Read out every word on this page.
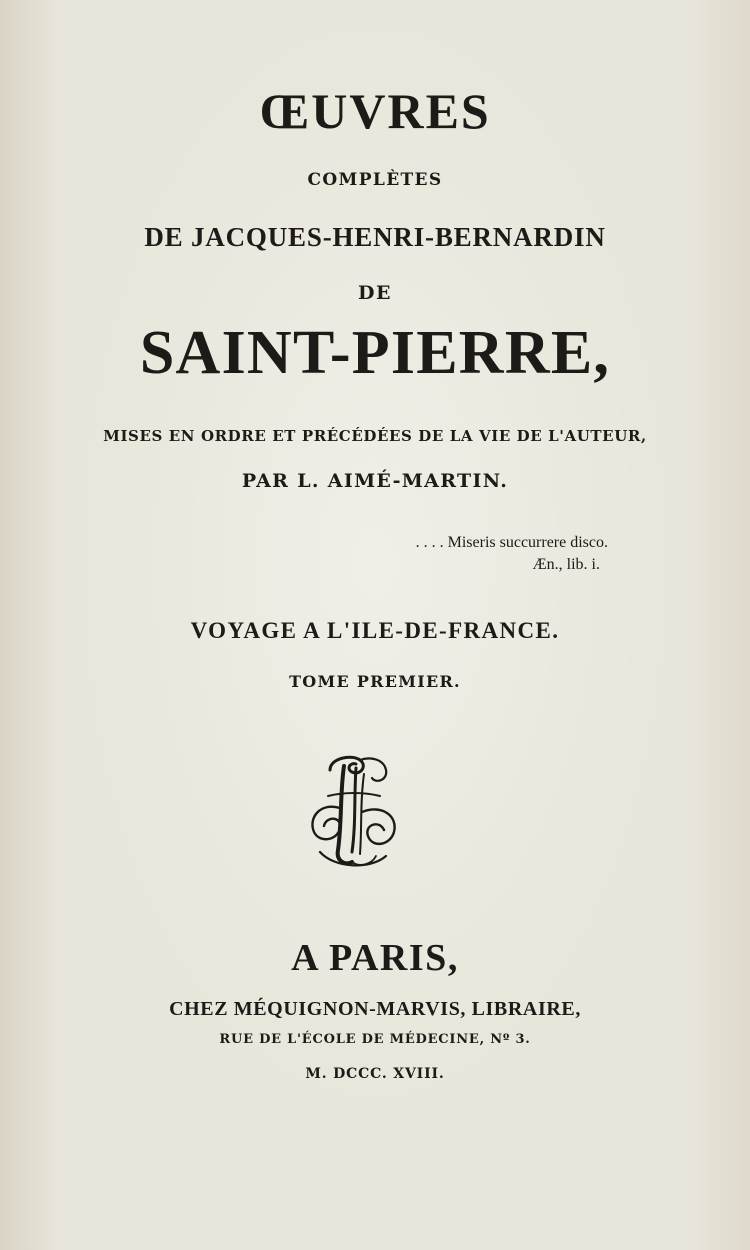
ŒUVRES
COMPLÈTES
DE JACQUES-HENRI-BERNARDIN
DE
SAINT-PIERRE,
MISES EN ORDRE ET PRÉCÉDÉES DE LA VIE DE L'AUTEUR,
PAR L. AIMÉ-MARTIN.
. . . . Miseris succurrere disco.
Æn., lib. i.
VOYAGE A L'ILE-DE-FRANCE.
TOME PREMIER.
A PARIS,
CHEZ MÉQUIGNON-MARVIS, LIBRAIRE,
RUE DE L'ÉCOLE DE MÉDECINE, Nº 3.
M. DCCC. XVIII.
